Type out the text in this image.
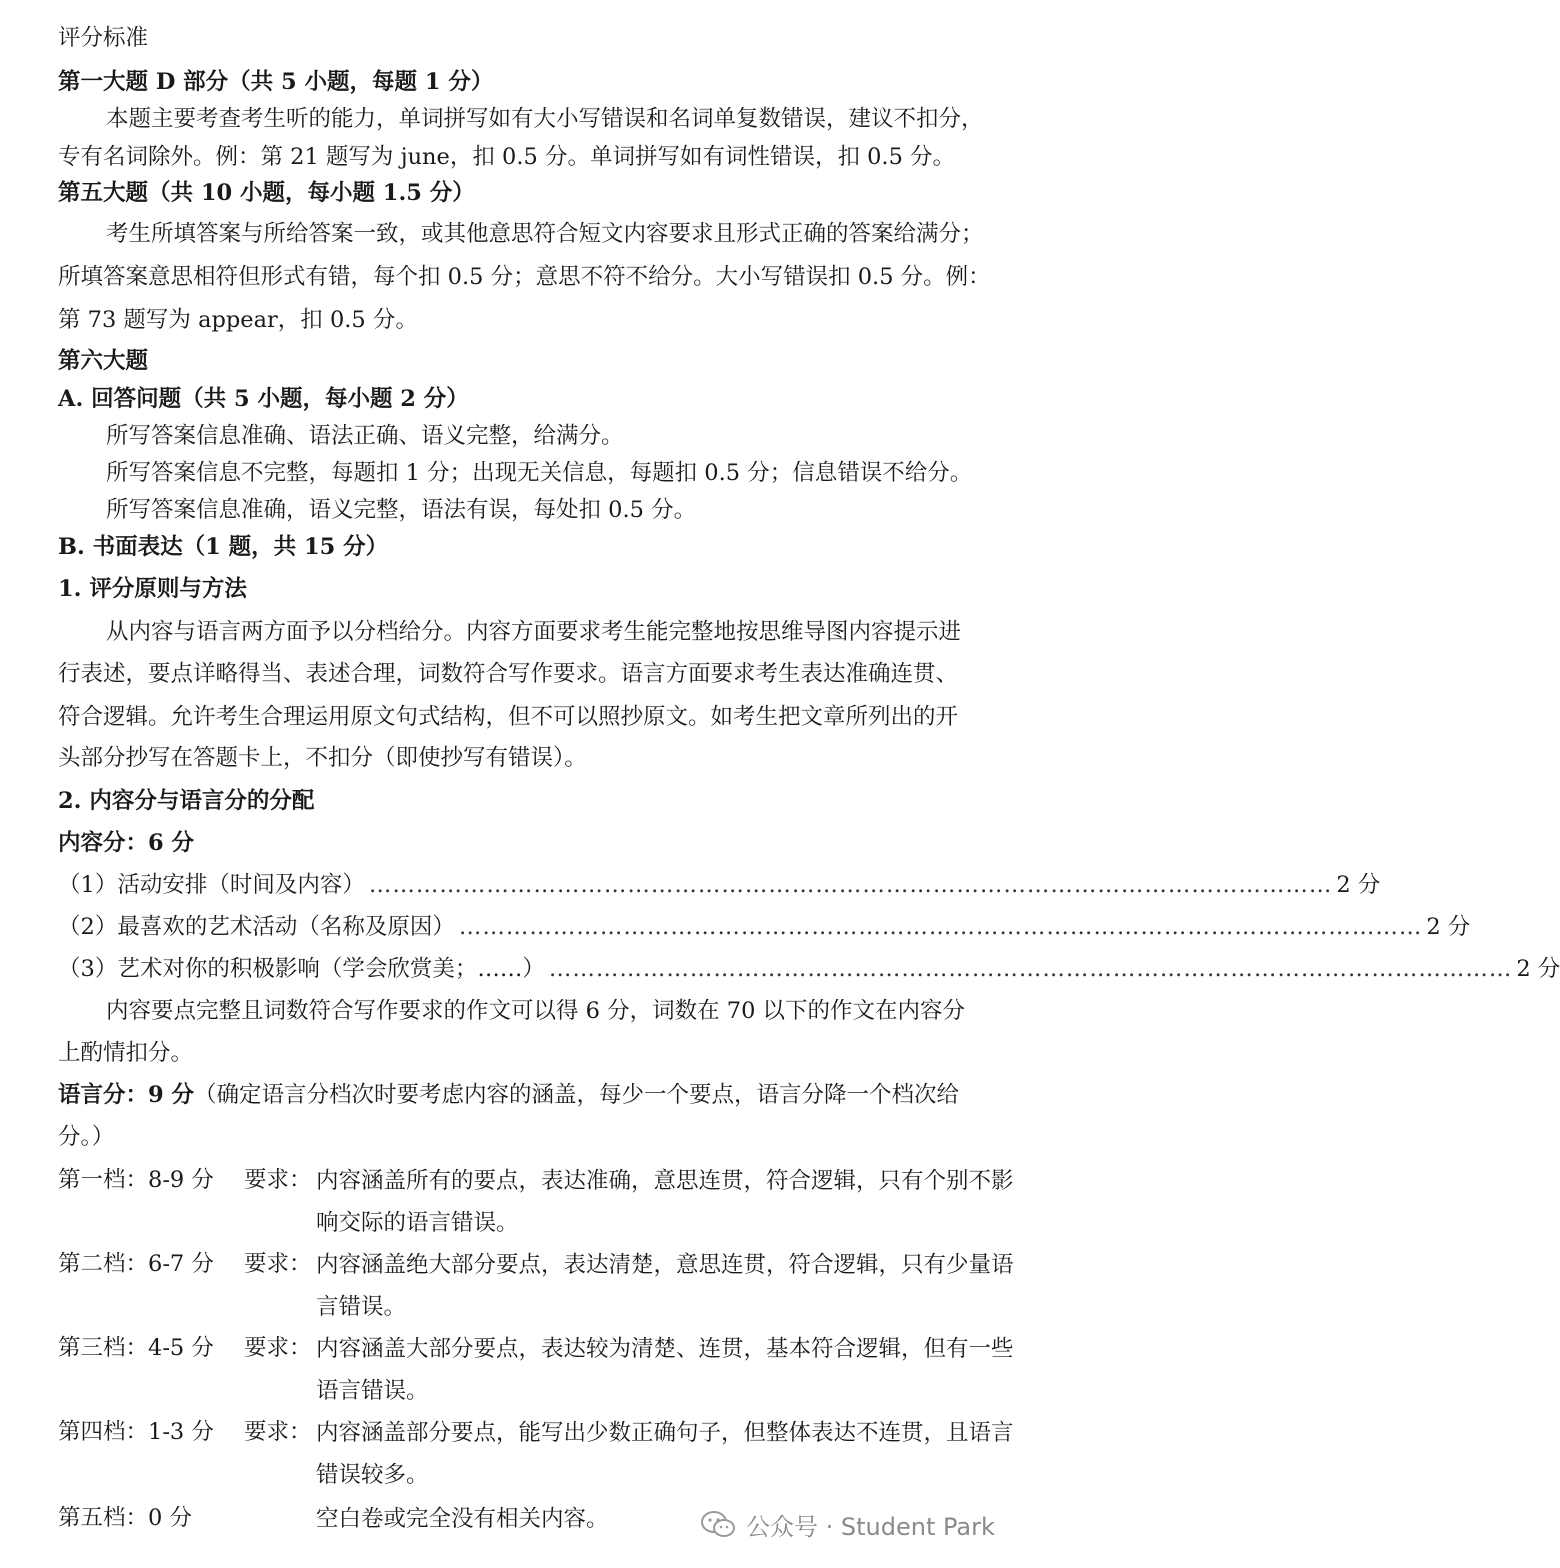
评分标准
第一大题 D 部分（共 5 小题，每题 1 分）
本题主要考查考生听的能力，单词拼写如有大小写错误和名词单复数错误，建议不扣分，
专有名词除外。例：第 21 题写为 june，扣 0.5 分。单词拼写如有词性错误，扣 0.5 分。
第五大题（共 10 小题，每小题 1.5 分）
考生所填答案与所给答案一致，或其他意思符合短文内容要求且形式正确的答案给满分；
所填答案意思相符但形式有错，每个扣 0.5 分；意思不符不给分。大小写错误扣 0.5 分。例：
第 73 题写为 appear，扣 0.5 分。
第六大题
A. 回答问题（共 5 小题，每小题 2 分）
所写答案信息准确、语法正确、语义完整，给满分。
所写答案信息不完整，每题扣 1 分；出现无关信息，每题扣 0.5 分；信息错误不给分。
所写答案信息准确，语义完整，语法有误，每处扣 0.5 分。
B. 书面表达（1 题，共 15 分）
1. 评分原则与方法
从内容与语言两方面予以分档给分。内容方面要求考生能完整地按思维导图内容提示进
行表述，要点详略得当、表述合理，词数符合写作要求。语言方面要求考生表达准确连贯、
符合逻辑。允许考生合理运用原文句式结构，但不可以照抄原文。如考生把文章所列出的开
头部分抄写在答题卡上，不扣分（即使抄写有错误）。
2. 内容分与语言分的分配
内容分：6 分
（1）活动安排（时间及内容） …………………………………………………………………………………………………………… 2 分
（2）最喜欢的艺术活动（名称及原因） …………………………………………………………………………………………………………… 2 分
（3）艺术对你的积极影响（学会欣赏美；……） …………………………………………………………………………………………………………… 2 分
内容要点完整且词数符合写作要求的作文可以得 6 分，词数在 70 以下的作文在内容分
上酌情扣分。
语言分：9 分（确定语言分档次时要考虑内容的涵盖，每少一个要点，语言分降一个档次给
分。）
第一档：8-9 分 要求： 内容涵盖所有的要点，表达准确，意思连贯，符合逻辑，只有个别不影响交际的语言错误。
第二档：6-7 分 要求： 内容涵盖绝大部分要点，表达清楚，意思连贯，符合逻辑，只有少量语言错误。
第三档：4-5 分 要求： 内容涵盖大部分要点，表达较为清楚、连贯，基本符合逻辑，但有一些语言错误。
第四档：1-3 分 要求： 内容涵盖部分要点，能写出少数正确句子，但整体表达不连贯，且语言错误较多。
第五档：0 分	空白卷或完全没有相关内容。	公众号 · Student Park
